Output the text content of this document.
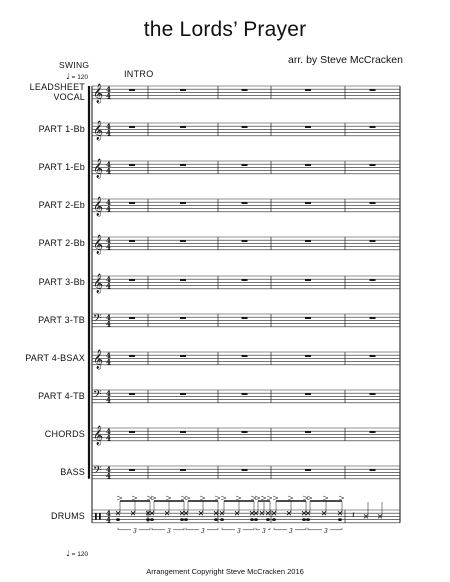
the Lords’ Prayer
arr. by Steve McCracken
SWING
♩ = 120	INTRO
♩ = 120
LEADSHEET
VOCAL
PART 1-Bb
PART 1-Eb
PART 2-Eb
PART 2-Bb
PART 3-Bb
PART 3-TB
PART 4-BSAX
PART 4-TB
CHORDS
BASS
DRUMS
𝄞 4
4
𝄞 4
4
𝄞 4
4
𝄞 4
4
𝄞 4
4
𝄞 4
4
𝄢 4
4
𝄞 4
4
𝄢 4
4
𝄞 4
4
𝄢 4
4
4
4
3	3	3	3	3	3	3
𝄽
Arrangement Copyright Steve McCracken 2016
